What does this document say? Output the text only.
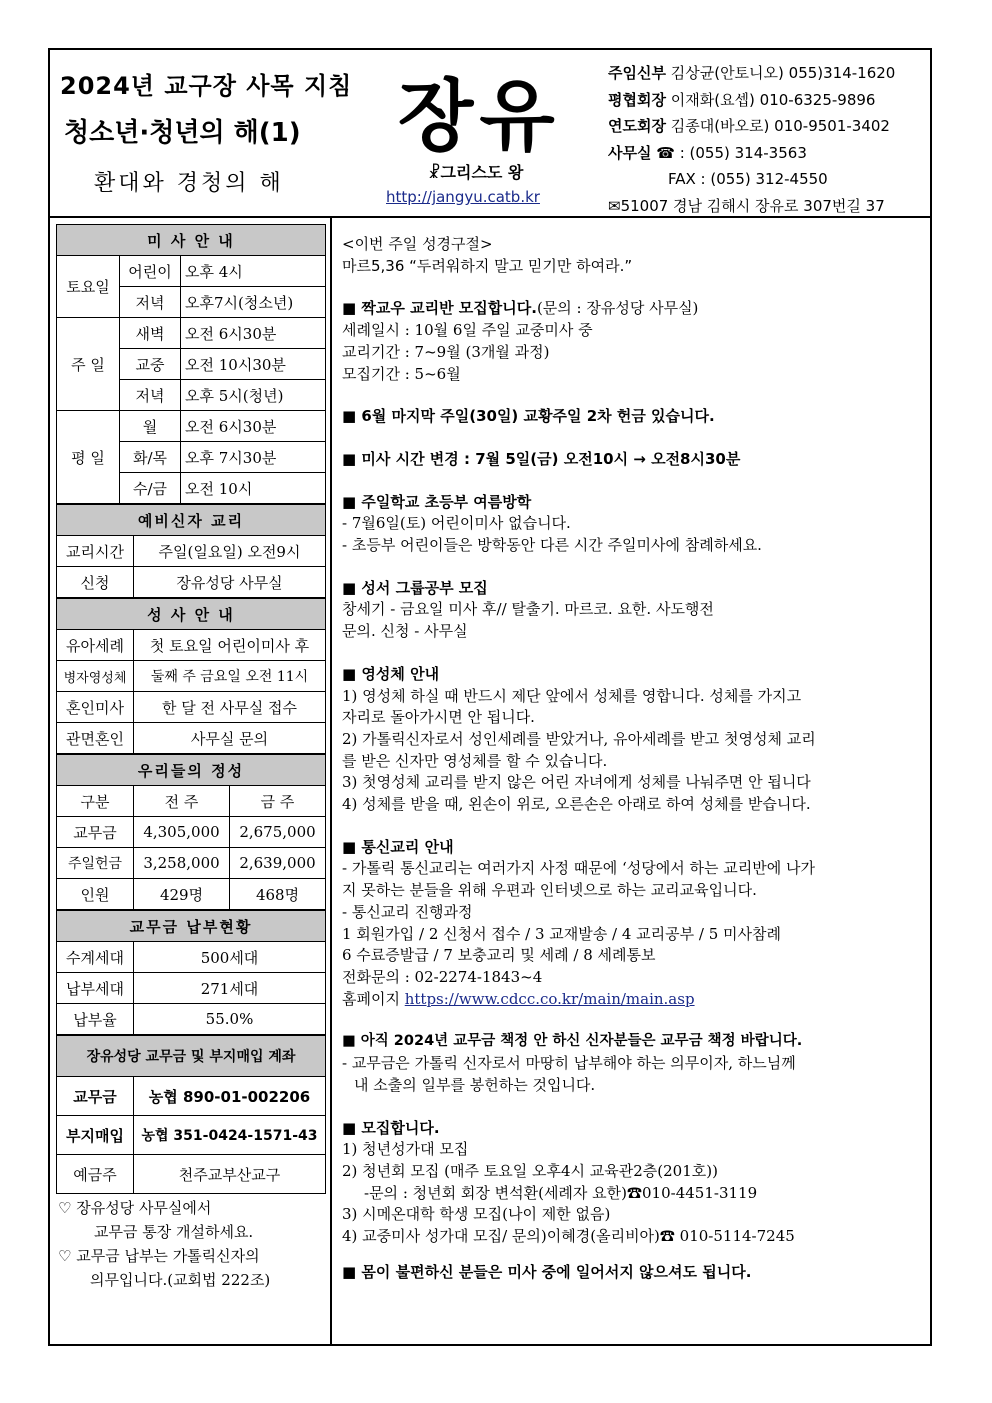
2024년 교구장 사목 지침
청소년·청년의 해(1)
환대와 경청의 해
장유
☧그리스도 왕
http://jangyu.catb.kr
주임신부 김상균(안토니오) 055)314-1620
평협회장 이재화(요셉) 010-6325-9896
연도회장 김종대(바오로) 010-9501-3402
사무실 ☎ : (055) 314-3563
FAX : (055) 312-4550
✉51007 경남 김해시 장유로 307번길 37
미 사 안 내		
토요일	어린이	오후 4시
	저녁	오후7시(청소년)
주 일	새벽	오전 6시30분
	교중	오전 10시30분
	저녁	오후 5시(청년)
평 일	월	오전 6시30분
	화/목	오후 7시30분
	수/금	오전 10시
예비신자 교리	
교리시간	주일(일요일) 오전9시
신청	장유성당 사무실
성 사 안 내	
유아세례	첫 토요일 어린이미사 후
병자영성체	둘째 주 금요일 오전 11시
혼인미사	한 달 전 사무실 접수
관면혼인	사무실 문의
우리들의 정성		
구분	전 주	금 주
교무금	4,305,000	2,675,000
주일헌금	3,258,000	2,639,000
인원	429명	468명
교무금 납부현황	
수계세대	500세대
납부세대	271세대
납부율	55.0%
장유성당 교무금 및 부지매입 계좌	
교무금	농협 890-01-002206
부지매입	농협 351-0424-1571-43
예금주	천주교부산교구
♡ 장유성당 사무실에서
교무금 통장 개설하세요.
♡ 교무금 납부는 가톨릭신자의
의무입니다.(교회법 222조)

<이번 주일 성경구절>

마르5,36 “두려워하지 말고 믿기만 하여라.”

■ 짝교우 교리반 모집합니다.(문의 : 장유성당 사무실)

세례일시 : 10월 6일 주일 교중미사 중

교리기간 : 7~9월 (3개월 과정)

모집기간 : 5~6월

■ 6월 마지막 주일(30일) 교황주일 2차 헌금 있습니다.

■ 미사 시간 변경 : 7월 5일(금) 오전10시 → 오전8시30분

■ 주일학교 초등부 여름방학

- 7월6일(토) 어린이미사 없습니다.

- 초등부 어린이들은 방학동안 다른 시간 주일미사에 참례하세요.

■ 성서 그룹공부 모집

창세기 - 금요일 미사 후// 탈출기. 마르코. 요한. 사도행전

문의. 신청 - 사무실

■ 영성체 안내

1) 영성체 하실 때 반드시 제단 앞에서 성체를 영합니다. 성체를 가지고

자리로 돌아가시면 안 됩니다.

2) 가톨릭신자로서 성인세례를 받았거나, 유아세례를 받고 첫영성체 교리

를 받은 신자만 영성체를 할 수 있습니다.

3) 첫영성체 교리를 받지 않은 어린 자녀에게 성체를 나눠주면 안 됩니다

4) 성체를 받을 때, 왼손이 위로, 오른손은 아래로 하여 성체를 받습니다.

■ 통신교리 안내

- 가톨릭 통신교리는 여러가지 사정 때문에 ‘성당에서 하는 교리반에 나가

지 못하는 분들을 위해 우편과 인터넷으로 하는 교리교육입니다.

- 통신교리 진행과정

1 회원가입 / 2 신청서 접수 / 3 교재발송 / 4 교리공부 / 5 미사참례

6 수료증발급 / 7 보충교리 및 세례 / 8 세례통보

전화문의 : 02-2274-1843~4

홈페이지 https://www.cdcc.co.kr/main/main.asp

■ 아직 2024년 교무금 책정 안 하신 신자분들은 교무금 책정 바랍니다.

- 교무금은 가톨릭 신자로서 마땅히 납부해야 하는 의무이자, 하느님께

내 소출의 일부를 봉헌하는 것입니다.

■ 모집합니다.

1) 청년성가대 모집

2) 청년회 모집 (매주 토요일 오후4시 교육관2층(201호))

-문의 : 청년회 회장 변석환(세례자 요한)☎010-4451-3119

3) 시메온대학 학생 모집(나이 제한 없음)

4) 교중미사 성가대 모집/ 문의)이혜경(올리비아)☎ 010-5114-7245

■ 몸이 불편하신 분들은 미사 중에 일어서지 않으셔도 됩니다.
